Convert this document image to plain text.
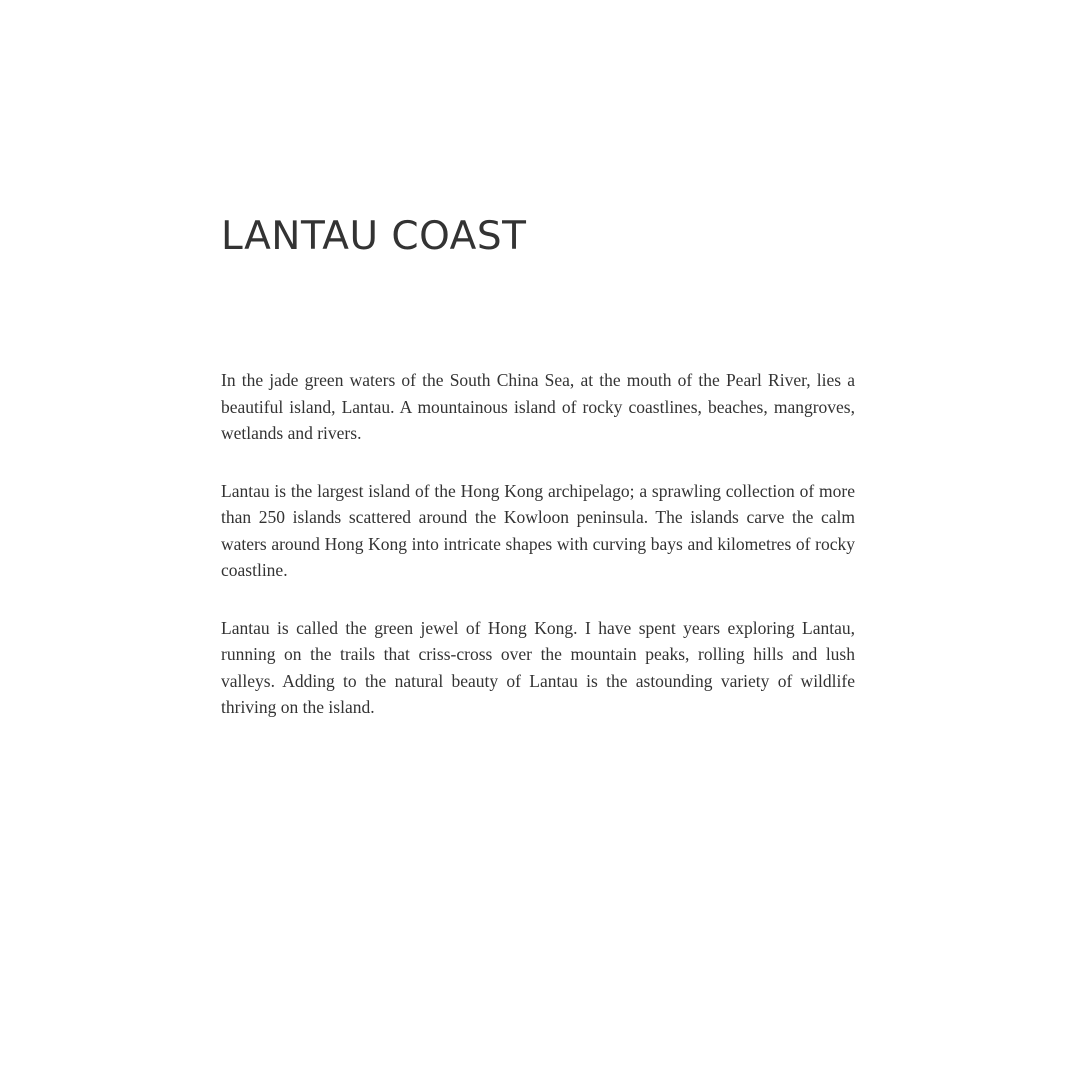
LANTAU COAST

In the jade green waters of the South China Sea, at the mouth of the Pearl River, lies a beautiful island, Lantau. A mountainous island of rocky coastlines, beaches, mangroves, wetlands and rivers.

Lantau is the largest island of the Hong Kong archipelago; a sprawling collection of more than 250 islands scattered around the Kowloon peninsula. The islands carve the calm waters around Hong Kong into intricate shapes with curving bays and kilometres of rocky coastline.

Lantau is called the green jewel of Hong Kong. I have spent years exploring Lantau, running on the trails that criss-cross over the mountain peaks, rolling hills and lush valleys. Adding to the natural beauty of Lantau is the astounding variety of wildlife thriving on the island.
